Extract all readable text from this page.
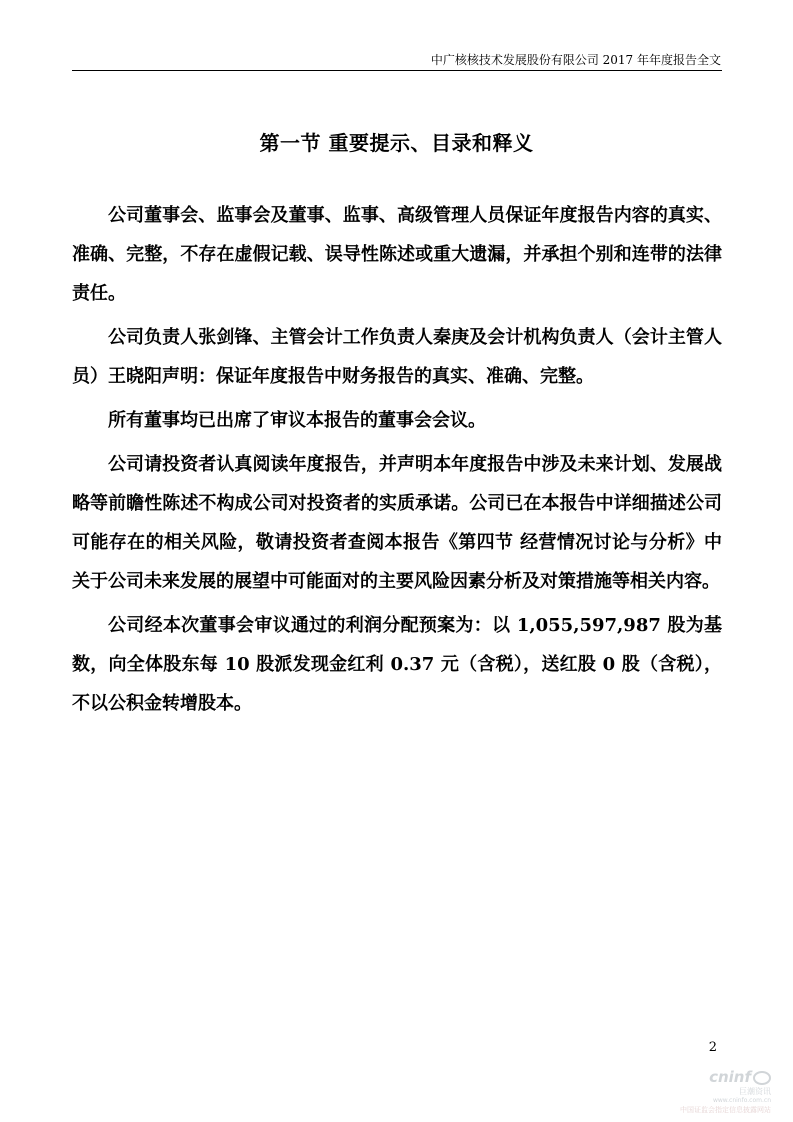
中广核核技术发展股份有限公司 2017 年年度报告全文
第一节 重要提示、目录和释义

公司董事会、监事会及董事、监事、高级管理人员保证年度报告内容的真实、准确、完整，不存在虚假记载、误导性陈述或重大遗漏，并承担个别和连带的法律责任。

公司负责人张剑锋、主管会计工作负责人秦庚及会计机构负责人（会计主管人员）王晓阳声明：保证年度报告中财务报告的真实、准确、完整。

所有董事均已出席了审议本报告的董事会会议。

公司请投资者认真阅读年度报告，并声明本年度报告中涉及未来计划、发展战略等前瞻性陈述不构成公司对投资者的实质承诺。公司已在本报告中详细描述公司可能存在的相关风险，敬请投资者查阅本报告《第四节 经营情况讨论与分析》中关于公司未来发展的展望中可能面对的主要风险因素分析及对策措施等相关内容。

公司经本次董事会审议通过的利润分配预案为：以 1,055,597,987 股为基数，向全体股东每 10 股派发现金红利 0.37 元（含税），送红股 0 股（含税），不以公积金转增股本。

2
cninf
巨潮资讯
www.cninfo.com.cn
中国证监会指定信息披露网站
